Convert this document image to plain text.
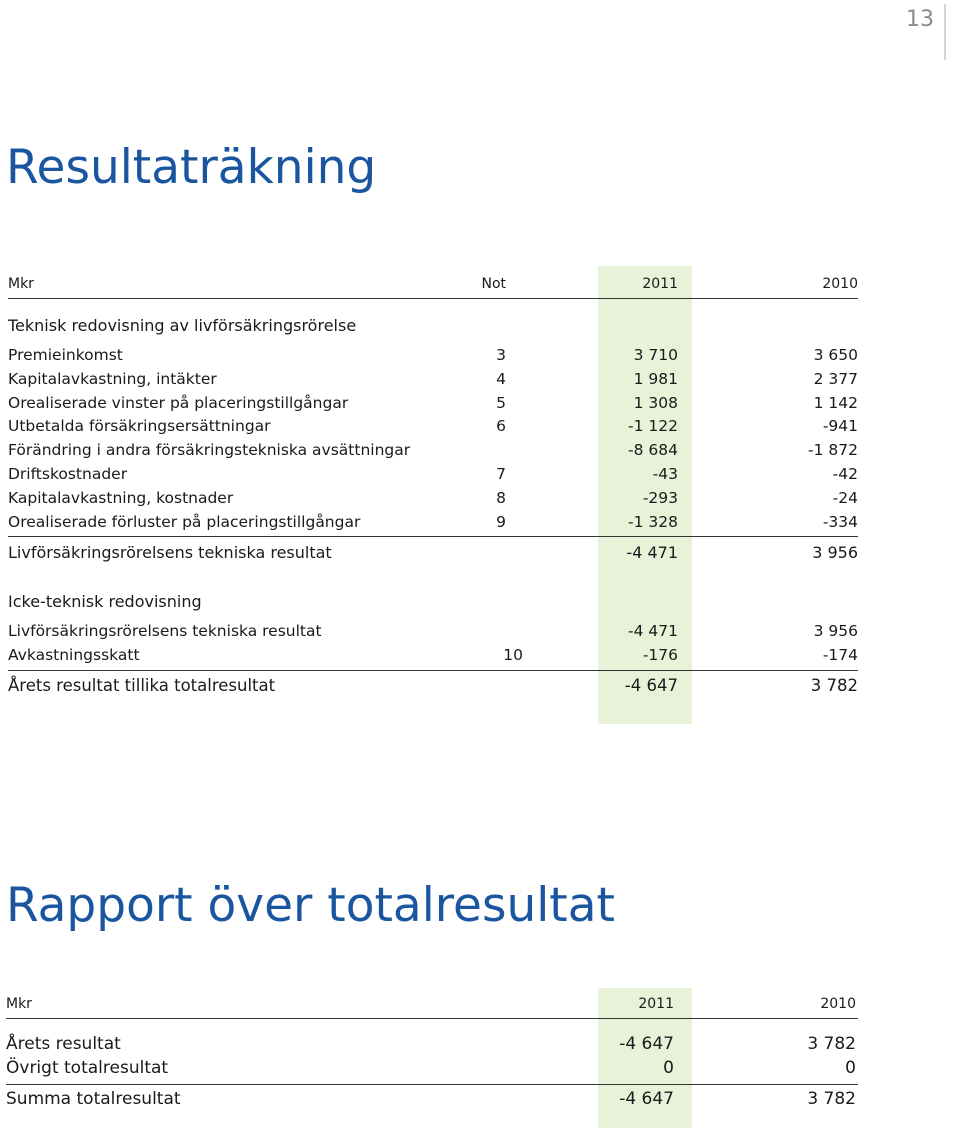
13
Resultaträkning
Mkr	Not	2011	2010
Teknisk redovisning av livförsäkringsrörelse
Premieinkomst	3	3 710	3 650
Kapitalavkastning, intäkter	4	1 981	2 377
Orealiserade vinster på placeringstillgångar	5	1 308	1 142
Utbetalda försäkringsersättningar	6	-1 122	-941
Förändring i andra försäkringstekniska avsättningar	-8 684	-1 872
Driftskostnader	7	-43	-42
Kapitalavkastning, kostnader	8	-293	-24
Orealiserade förluster på placeringstillgångar	9	-1 328	-334
Livförsäkringsrörelsens tekniska resultat	-4 471	3 956
Icke-teknisk redovisning
Livförsäkringsrörelsens tekniska resultat	-4 471	3 956
Avkastningsskatt	10	-176	-174
Årets resultat tillika totalresultat	-4 647	3 782
Rapport över totalresultat
Mkr	2011	2010
Årets resultat	-4 647	3 782
Övrigt totalresultat	0	0
Summa totalresultat	-4 647	3 782
